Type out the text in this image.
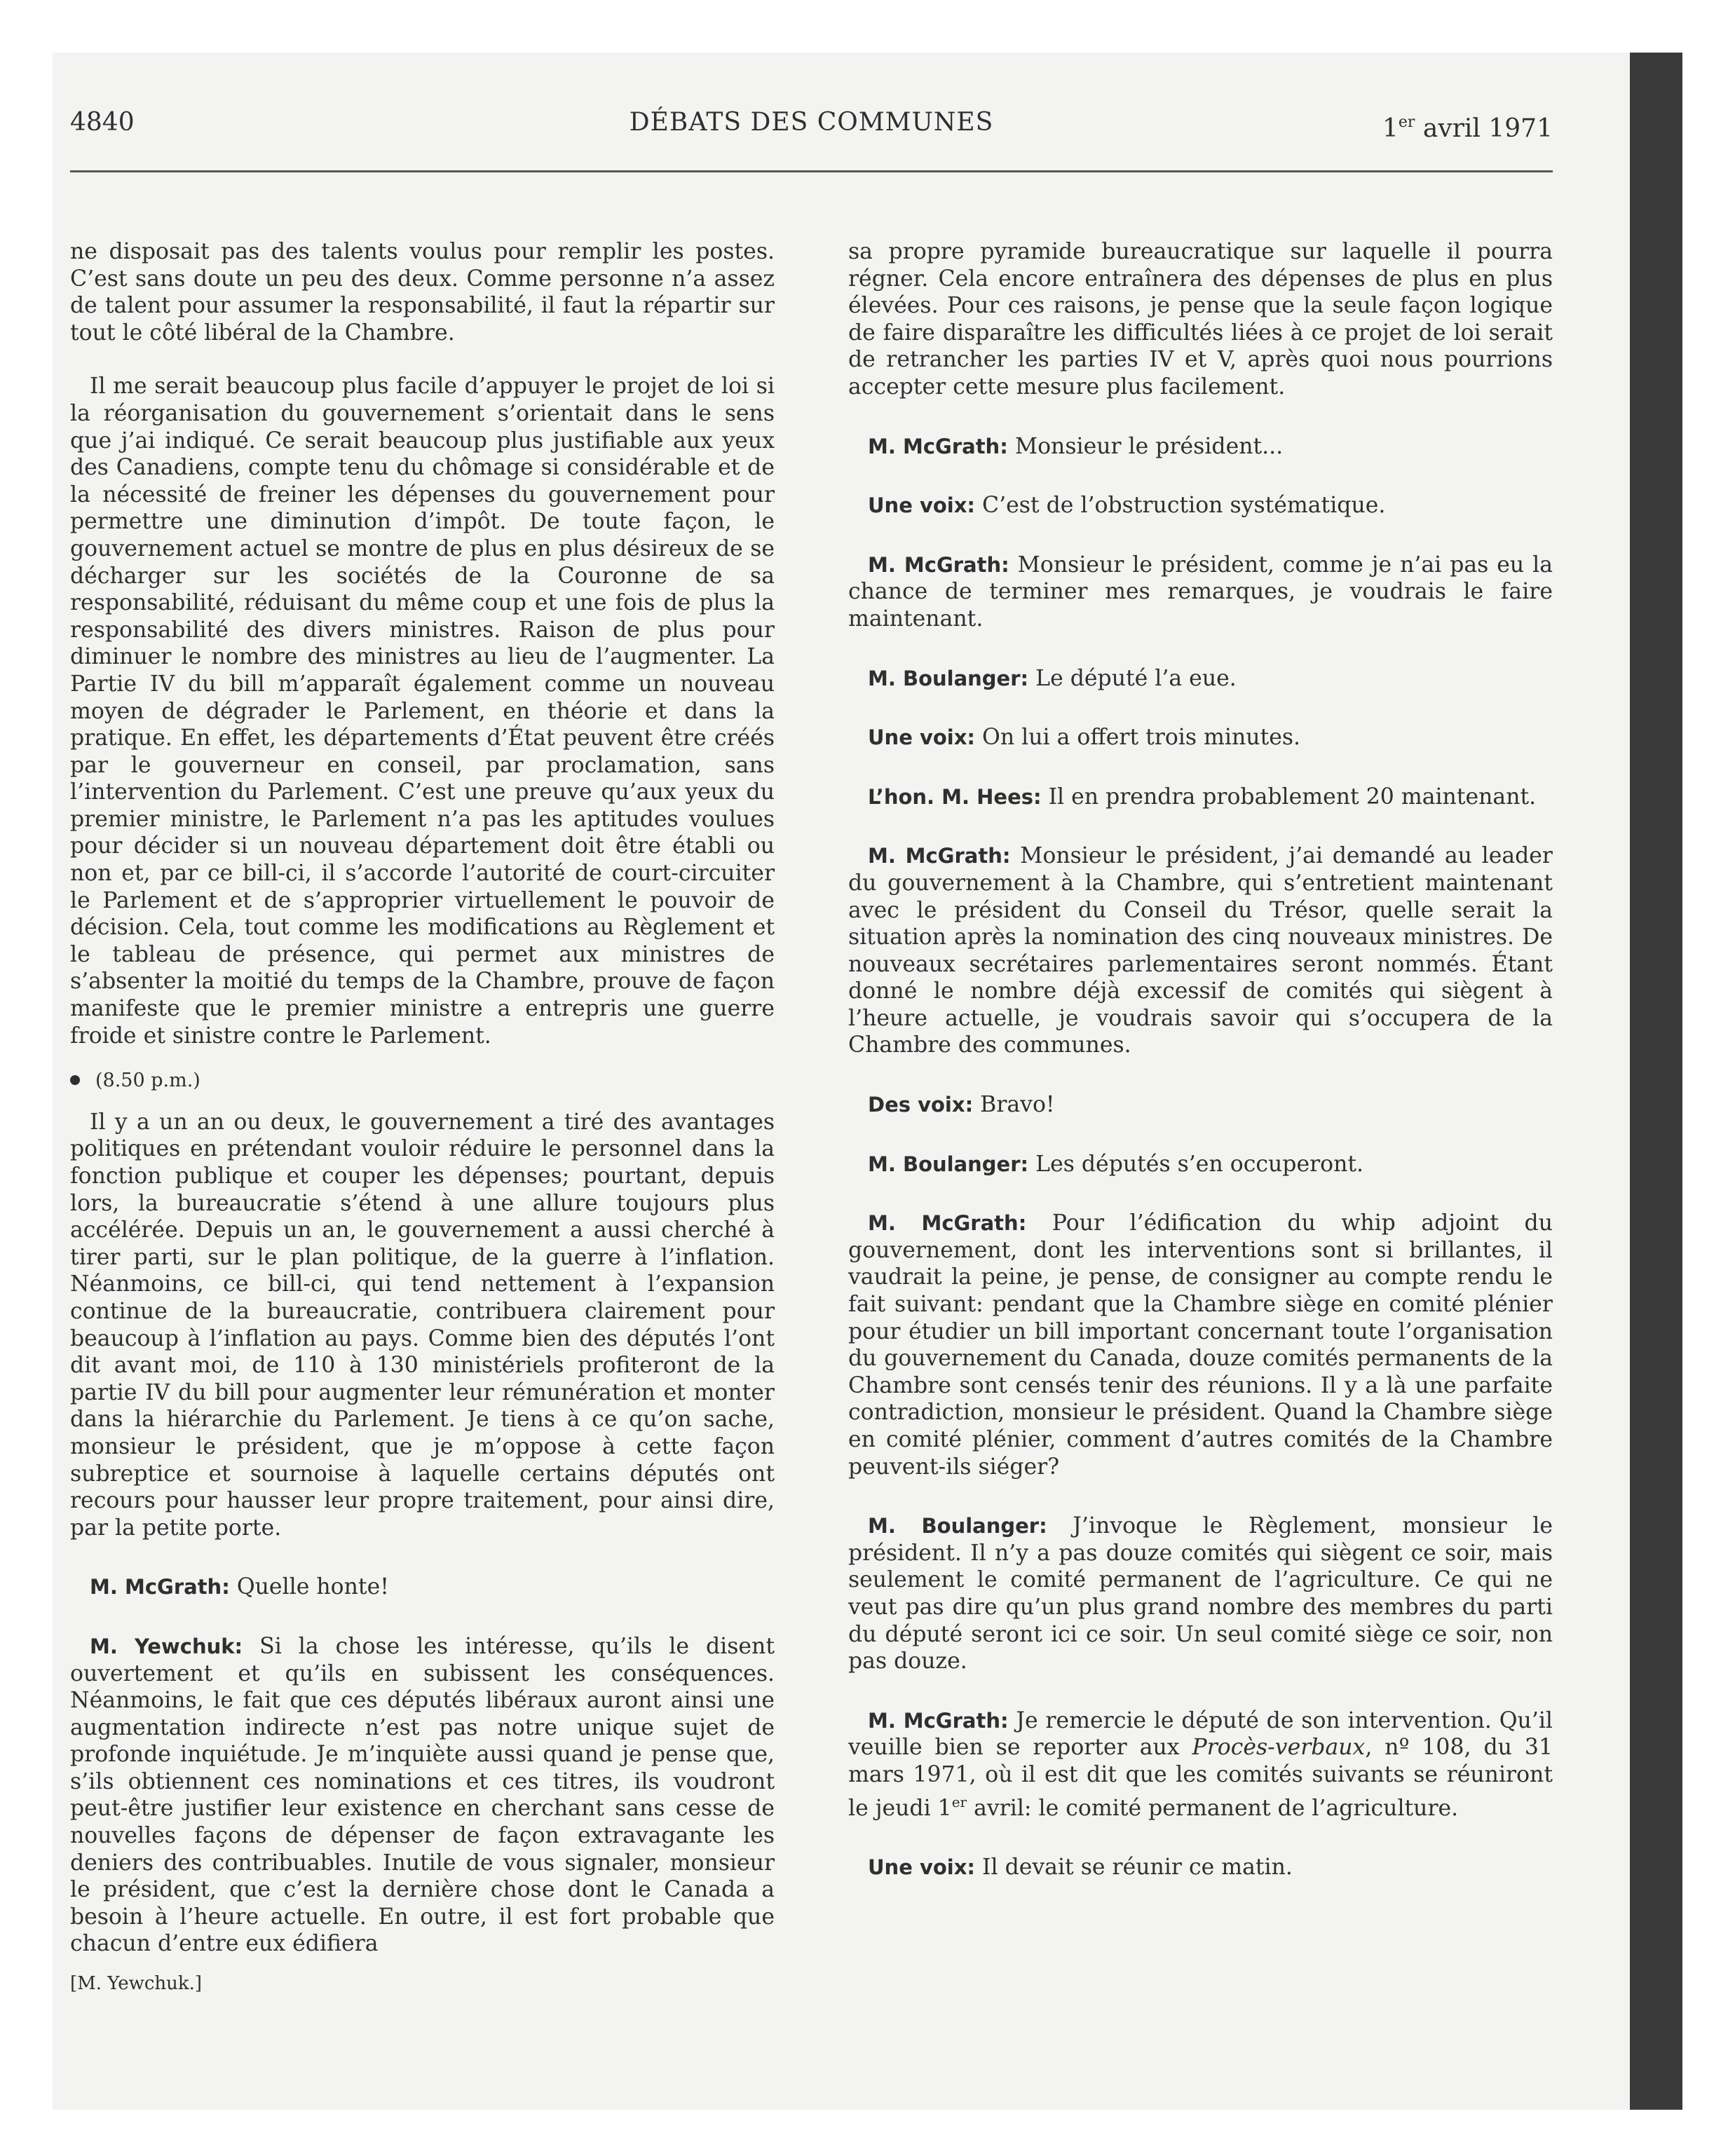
4840	DÉBATS DES COMMUNES	1er avril 1971

ne disposait pas des talents voulus pour remplir les postes. C’est sans doute un peu des deux. Comme personne n’a assez de talent pour assumer la responsabilité, il faut la répartir sur tout le côté libéral de la Chambre.

Il me serait beaucoup plus facile d’appuyer le projet de loi si la réorganisation du gouvernement s’orientait dans le sens que j’ai indiqué. Ce serait beaucoup plus justifiable aux yeux des Canadiens, compte tenu du chômage si considérable et de la nécessité de freiner les dépenses du gouvernement pour permettre une diminution d’impôt. De toute façon, le gouvernement actuel se montre de plus en plus désireux de se décharger sur les sociétés de la Couronne de sa responsabilité, réduisant du même coup et une fois de plus la responsabilité des divers ministres. Raison de plus pour diminuer le nombre des ministres au lieu de l’augmenter. La Partie IV du bill m’apparaît également comme un nouveau moyen de dégrader le Parlement, en théorie et dans la pratique. En effet, les départements d’État peuvent être créés par le gouverneur en conseil, par proclamation, sans l’intervention du Parlement. C’est une preuve qu’aux yeux du premier ministre, le Parlement n’a pas les aptitudes voulues pour décider si un nouveau département doit être établi ou non et, par ce bill-ci, il s’accorde l’autorité de court-circuiter le Parlement et de s’approprier virtuellement le pouvoir de décision. Cela, tout comme les modifications au Règlement et le tableau de présence, qui permet aux ministres de s’absenter la moitié du temps de la Chambre, prouve de façon manifeste que le premier ministre a entrepris une guerre froide et sinistre contre le Parlement.

(8.50 p.m.)

Il y a un an ou deux, le gouvernement a tiré des avantages politiques en prétendant vouloir réduire le personnel dans la fonction publique et couper les dépenses; pourtant, depuis lors, la bureaucratie s’étend à une allure toujours plus accélérée. Depuis un an, le gouvernement a aussi cherché à tirer parti, sur le plan politique, de la guerre à l’inflation. Néanmoins, ce bill-ci, qui tend nettement à l’expansion continue de la bureaucratie, contribuera clairement pour beaucoup à l’inflation au pays. Comme bien des députés l’ont dit avant moi, de 110 à 130 ministériels profiteront de la partie IV du bill pour augmenter leur rémunération et monter dans la hiérarchie du Parlement. Je tiens à ce qu’on sache, monsieur le président, que je m’oppose à cette façon subreptice et sournoise à laquelle certains députés ont recours pour hausser leur propre traitement, pour ainsi dire, par la petite porte.

M. McGrath: Quelle honte!

M. Yewchuk: Si la chose les intéresse, qu’ils le disent ouvertement et qu’ils en subissent les conséquences. Néanmoins, le fait que ces députés libéraux auront ainsi une augmentation indirecte n’est pas notre unique sujet de profonde inquiétude. Je m’inquiète aussi quand je pense que, s’ils obtiennent ces nominations et ces titres, ils voudront peut-être justifier leur existence en cherchant sans cesse de nouvelles façons de dépenser de façon extravagante les deniers des contribuables. Inutile de vous signaler, monsieur le président, que c’est la dernière chose dont le Canada a besoin à l’heure actuelle. En outre, il est fort probable que chacun d’entre eux édifiera

[M. Yewchuk.]

sa propre pyramide bureaucratique sur laquelle il pourra régner. Cela encore entraînera des dépenses de plus en plus élevées. Pour ces raisons, je pense que la seule façon logique de faire disparaître les difficultés liées à ce projet de loi serait de retrancher les parties IV et V, après quoi nous pourrions accepter cette mesure plus facilement.

M. McGrath: Monsieur le président...

Une voix: C’est de l’obstruction systématique.

M. McGrath: Monsieur le président, comme je n’ai pas eu la chance de terminer mes remarques, je voudrais le faire maintenant.

M. Boulanger: Le député l’a eue.

Une voix: On lui a offert trois minutes.

L’hon. M. Hees: Il en prendra probablement 20 maintenant.

M. McGrath: Monsieur le président, j’ai demandé au leader du gouvernement à la Chambre, qui s’entretient maintenant avec le président du Conseil du Trésor, quelle serait la situation après la nomination des cinq nouveaux ministres. De nouveaux secrétaires parlementaires seront nommés. Étant donné le nombre déjà excessif de comités qui siègent à l’heure actuelle, je voudrais savoir qui s’occupera de la Chambre des communes.

Des voix: Bravo!

M. Boulanger: Les députés s’en occuperont.

M. McGrath: Pour l’édification du whip adjoint du gouvernement, dont les interventions sont si brillantes, il vaudrait la peine, je pense, de consigner au compte rendu le fait suivant: pendant que la Chambre siège en comité plénier pour étudier un bill important concernant toute l’organisation du gouvernement du Canada, douze comités permanents de la Chambre sont censés tenir des réunions. Il y a là une parfaite contradiction, monsieur le président. Quand la Chambre siège en comité plénier, comment d’autres comités de la Chambre peuvent-ils siéger?

M. Boulanger: J’invoque le Règlement, monsieur le président. Il n’y a pas douze comités qui siègent ce soir, mais seulement le comité permanent de l’agriculture. Ce qui ne veut pas dire qu’un plus grand nombre des membres du parti du député seront ici ce soir. Un seul comité siège ce soir, non pas douze.

M. McGrath: Je remercie le député de son intervention. Qu’il veuille bien se reporter aux Procès-verbaux, nº 108, du 31 mars 1971, où il est dit que les comités suivants se réuniront le jeudi 1er avril: le comité permanent de l’agriculture.

Une voix: Il devait se réunir ce matin.
